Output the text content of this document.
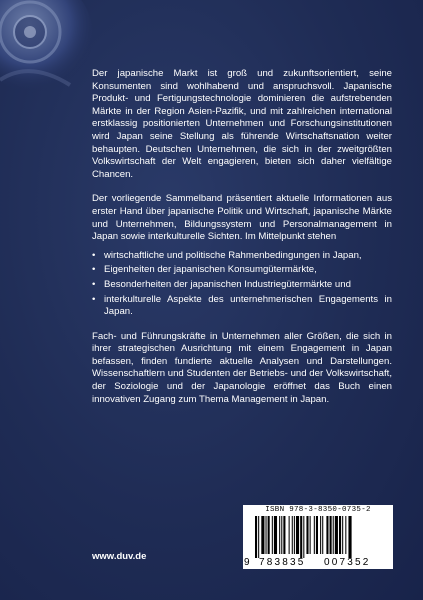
Der japanische Markt ist groß und zukunftsorientiert, seine Konsumenten sind wohlhabend und anspruchsvoll. Japanische Produkt- und Fertigungstechnologie dominieren die aufstrebenden Märkte in der Region Asien-Pazifik, und mit zahlreichen international erstklassig positionierten Unternehmen und Forschungsinstitutionen wird Japan seine Stellung als führende Wirtschaftsnation weiter behaupten. Deutschen Unternehmen, die sich in der zweitgrößten Volkswirtschaft der Welt engagieren, bieten sich daher vielfältige Chancen.

Der vorliegende Sammelband präsentiert aktuelle Informationen aus erster Hand über japanische Politik und Wirtschaft, japanische Märkte und Unternehmen, Bildungssystem und Personalmanagement in Japan sowie interkulturelle Sichten. Im Mittelpunkt stehen

• wirtschaftliche und politische Rahmenbedingungen in Japan,
• Eigenheiten der japanischen Konsumgütermärkte,
• Besonderheiten der japanischen Industriegütermärkte und
• interkulturelle Aspekte des unternehmerischen Engagements in Japan.

Fach- und Führungskräfte in Unternehmen aller Größen, die sich in ihrer strategischen Ausrichtung mit einem Engagement in Japan befassen, finden fundierte aktuelle Analysen und Darstellungen. Wissenschaftlern und Studenten der Betriebs- und der Volkswirtschaft, der Soziologie und der Japanologie eröffnet das Buch einen innovativen Zugang zum Thema Management in Japan.

ISBN 978-3-8350-0735-2
9 783835 007352
www.duv.de
